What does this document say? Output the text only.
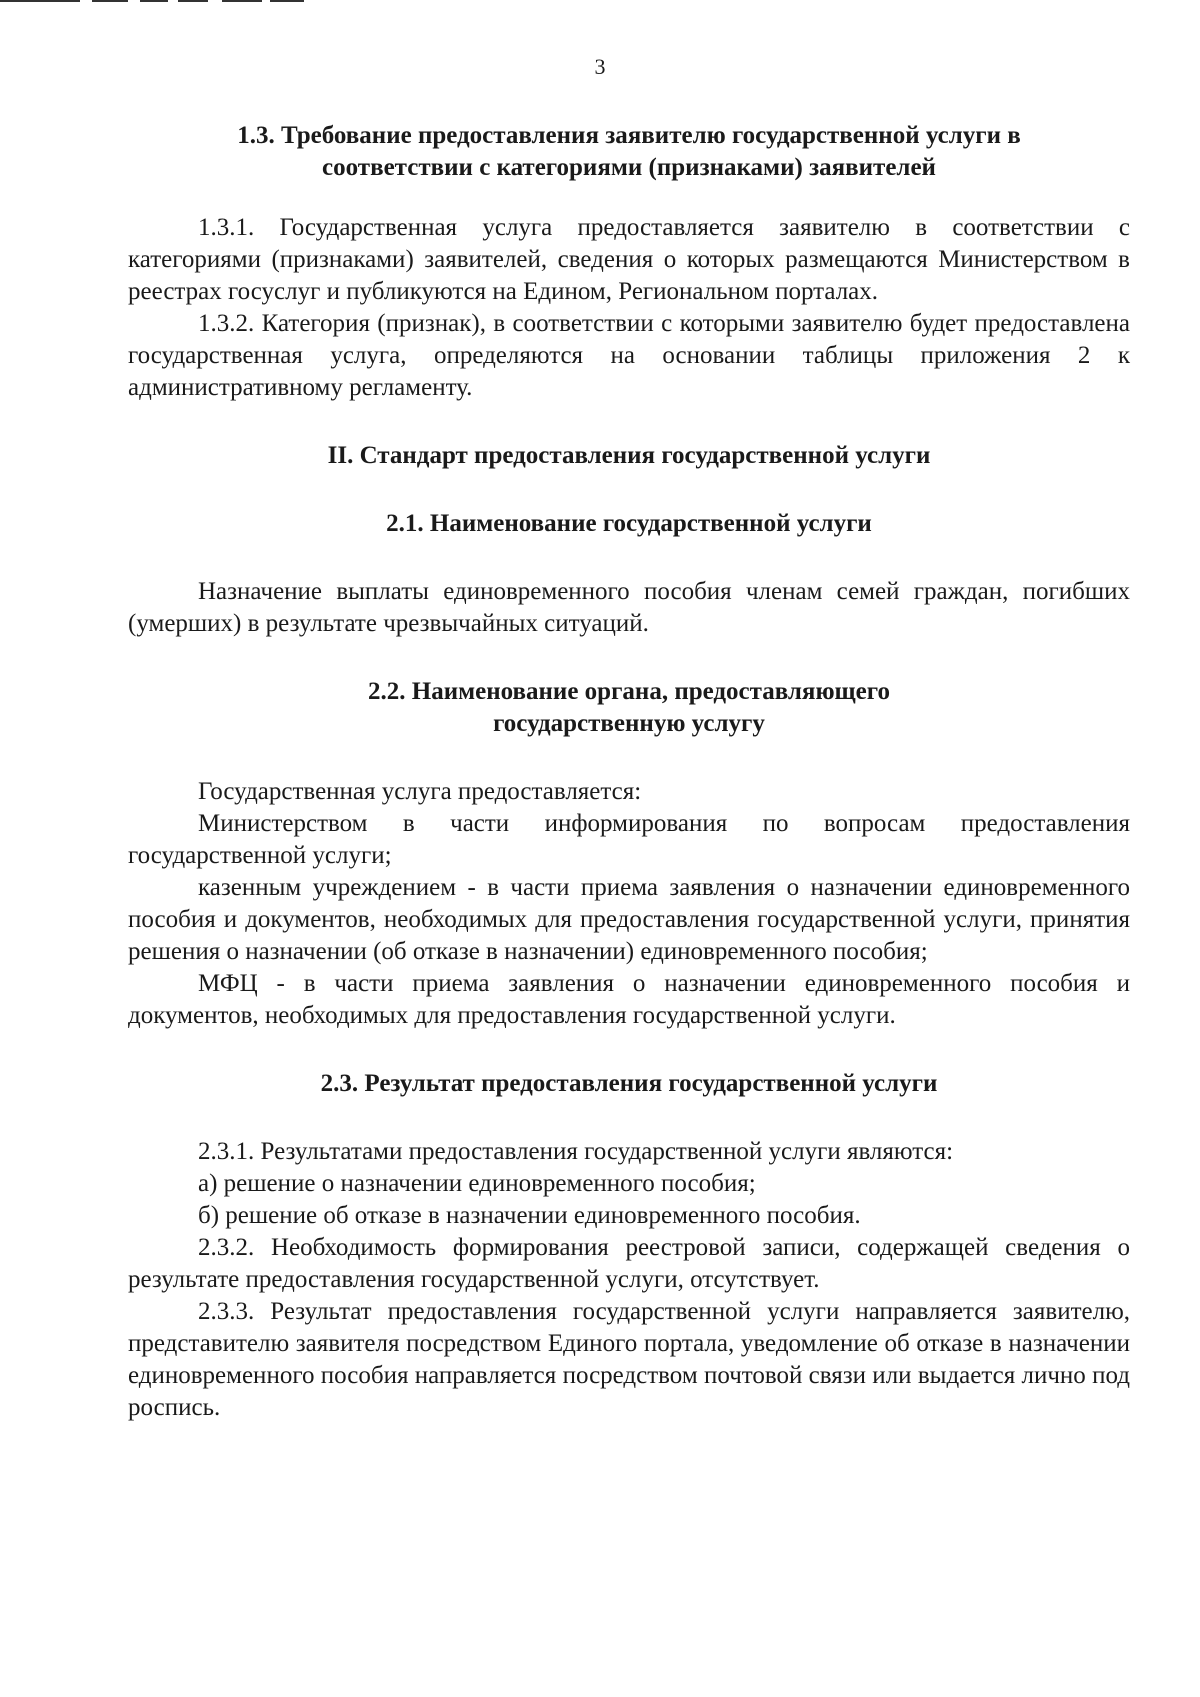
3

1.3. Требование предоставления заявителю государственной услуги в

соответствии с категориями (признаками) заявителей

1.3.1. Государственная услуга предоставляется заявителю в соответствии с категориями (признаками) заявителей, сведения о которых размещаются Министерством в реестрах госуслуг и публикуются на Едином, Региональном порталах.

1.3.2. Категория (признак), в соответствии с которыми заявителю будет предоставлена государственная услуга, определяются на основании таблицы приложения 2 к административному регламенту.

II. Стандарт предоставления государственной услуги

2.1. Наименование государственной услуги

Назначение выплаты единовременного пособия членам семей граждан, погибших (умерших) в результате чрезвычайных ситуаций.

2.2. Наименование органа, предоставляющего

государственную услугу

Государственная услуга предоставляется:

Министерством в части информирования по вопросам предоставления государственной услуги;

казенным учреждением - в части приема заявления о назначении единовременного пособия и документов, необходимых для предоставления государственной услуги, принятия решения о назначении (об отказе в назначении) единовременного пособия;

МФЦ - в части приема заявления о назначении единовременного пособия и документов, необходимых для предоставления государственной услуги.

2.3. Результат предоставления государственной услуги

2.3.1. Результатами предоставления государственной услуги являются:

а) решение о назначении единовременного пособия;

б) решение об отказе в назначении единовременного пособия.

2.3.2. Необходимость формирования реестровой записи, содержащей сведения о результате предоставления государственной услуги, отсутствует.

2.3.3. Результат предоставления государственной услуги направляется заявителю, представителю заявителя посредством Единого портала, уведомление об отказе в назначении единовременного пособия направляется посредством почтовой связи или выдается лично под роспись.
